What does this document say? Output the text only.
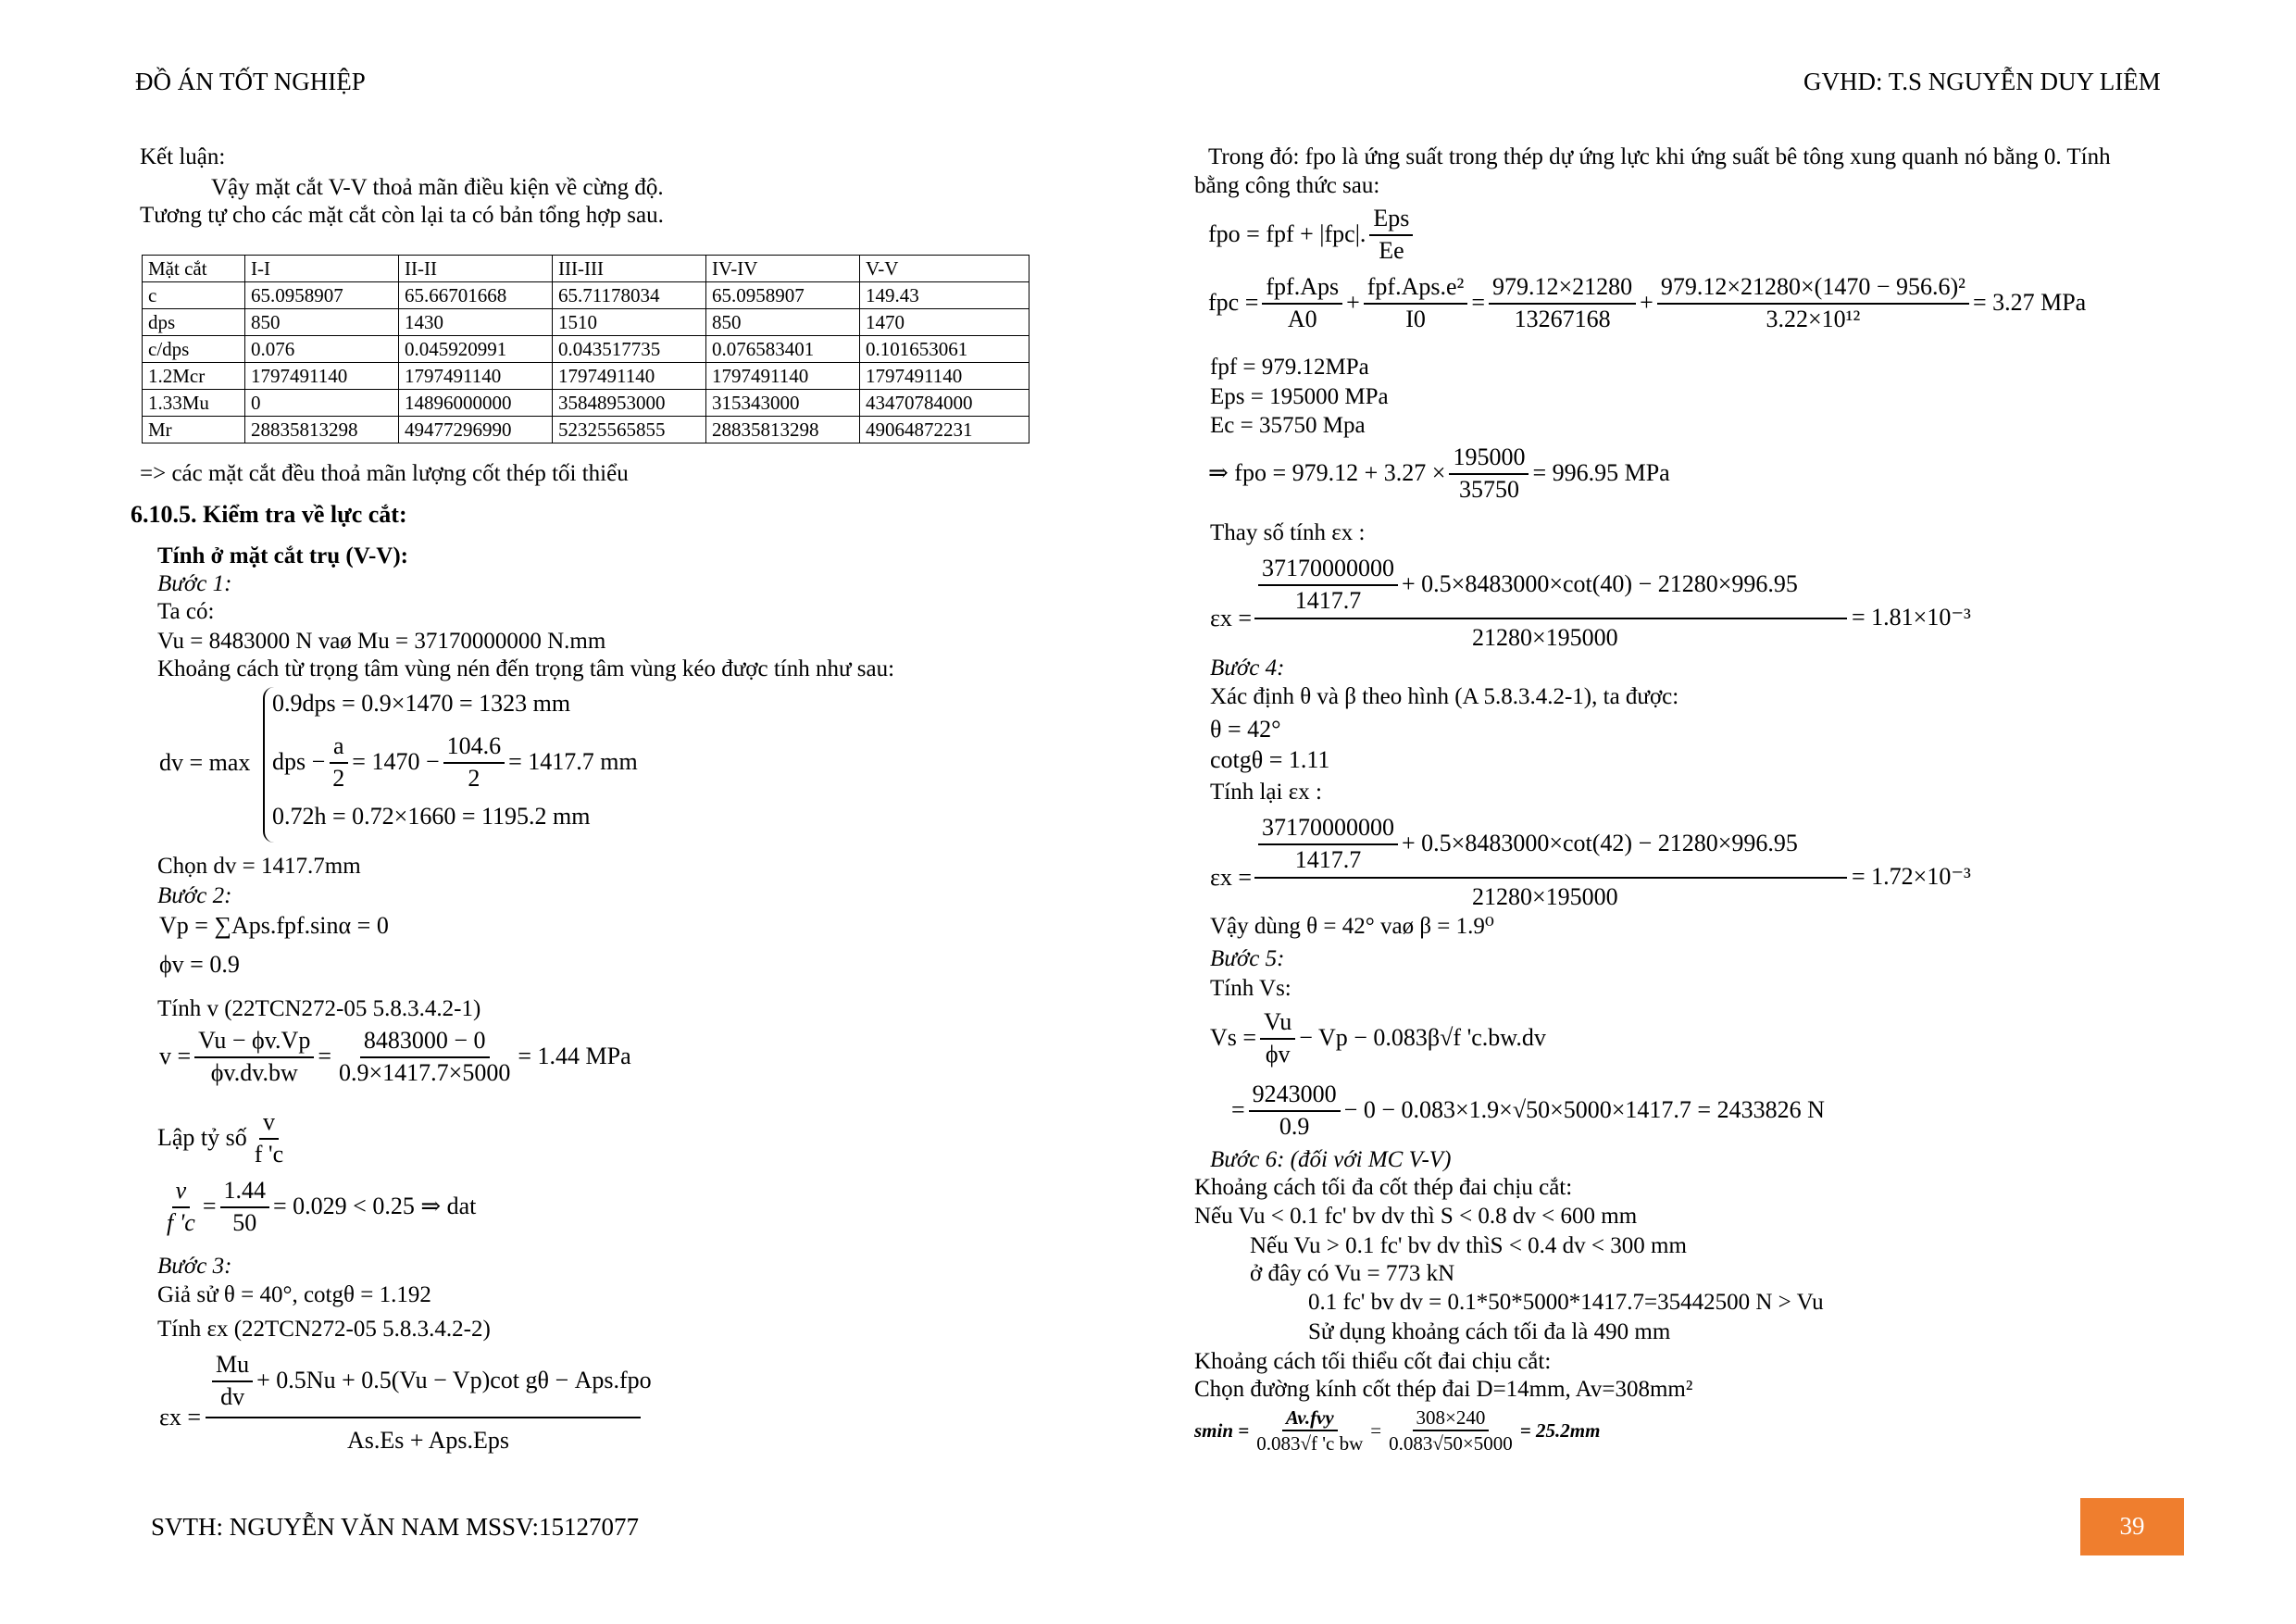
ĐỒ ÁN TỐT NGHIỆP	GVHD: T.S NGUYỄN DUY LIÊM
Kết luận:
Vậy mặt cắt V-V thoả mãn điều kiện về cừng độ.
Tương tự cho các mặt cắt còn lại ta có bản tổng hợp sau.
Mặt cắt	I-I	II-II	III-III	IV-IV	V-V
c	65.0958907	65.66701668	65.71178034	65.0958907	149.43
dps	850	1430	1510	850	1470
c/dps	0.076	0.045920991	0.043517735	0.076583401	0.101653061
1.2Mcr	1797491140	1797491140	1797491140	1797491140	1797491140
1.33Mu	0	14896000000	35848953000	315343000	43470784000
Mr	28835813298	49477296990	52325565855	28835813298	49064872231
=> các mặt cắt đều thoả mãn lượng cốt thép tối thiểu
6.10.5. Kiểm tra về lực cắt:
Tính ở mặt cắt trụ (V-V):
Bước 1:
Ta có:
Vu = 8483000 N vaø Mu = 37170000000 N.mm
Khoảng cách từ trọng tâm vùng nén đến trọng tâm vùng kéo được tính như sau:
dv = max
0.9dps = 0.9×1470 = 1323 mm
dps − $\frac{a}{2} = 1470 - \frac{104.6}{2} = 1417.7$ mm
0.72h = 0.72×1660 = 1195.2 mm
Chọn dv = 1417.7mm
Bước 2:
Vp = ∑Aps.fpf.sinα = 0
ϕv = 0.9
Tính v (22TCN272-05 5.8.3.4.2-1)
$v = \frac{Vu - \phi v.Vp}{\phi v.dv.bw} = \frac{8483000 - 0}{0.9\times 1417.7\times 5000} = 1.44$ MPa
Lập tỷ số $\frac{v}{f 'c}$
$\frac{v}{f 'c} = \frac{1.44}{50} = 0.029 < 0.25$ ⇒ dat
Bước 3:
Giả sử θ = 40°, cotgθ = 1.192
Tính εx (22TCN272-05 5.8.3.4.2-2)
εx =
$\frac{Mu}{dv} + 0.5Nu + 0.5(Vu - Vp)\cot$ gθ − Aps.fpo
As.Es + Aps.Eps
Trong đó: fpo là ứng suất trong thép dự ứng lực khi ứng suất bê tông xung quanh nó bằng 0. Tính
bằng công thức sau:
fpo = fpf + |fpc|. $\frac{\text{Eps}}{Ee}$
fpc = $\frac{\text{fpf.Aps}}{A0} + \frac{\text{fpf.Aps.e²}}{I0} = \frac{979.12\times 21280}{13267168} + \frac{\text{979.12×21280×(1470 − 956.6)²}}{\text{3.22×10¹²}} = 3.27$ MPa
fpf = 979.12MPa
Eps = 195000 MPa
Ec = 35750 Mpa
⇒ fpo = $979.12 + 3.27 \times \frac{195000}{35750} = 996.95$ MPa
Thay số tính εx :
εx =
$\frac{37170000000}{1417.7} + 0.5\times 8483000\times\cot(40) - 21280\times 996.95$
21280×195000
= 1.81×10⁻³
Bước 4:
Xác định θ và β theo hình (A 5.8.3.4.2-1), ta được:
θ = 42°
cotgθ = 1.11
Tính lại εx :
εx =
$\frac{37170000000}{1417.7} + 0.5\times 8483000\times\cot(42) - 21280\times 996.95$
21280×195000
= 1.72×10⁻³
Vậy dùng θ = 42° vaø β = 1.9⁰
Bước 5:
Tính Vs:
$Vs = \frac{Vu}{\phi v} - Vp - 0.083\beta√f$ 'c.bw.dv
= $\frac{9243000}{0.9} - 0 - 0.083\times 1.9\times√50\times 5000\times 1417.7 = 2433826$ N
Bước 6: (đối với MC V-V)
Khoảng cách tối đa cốt thép đai chịu cắt:
Nếu Vu < 0.1 fc' bv dv thì S < 0.8 dv < 600 mm
Nếu Vu > 0.1 fc' bv dv thìS < 0.4 dv < 300 mm
ở đây có Vu = 773 kN
0.1 fc' bv dv = 0.1*50*5000*1417.7=35442500 N > Vu
Sử dụng khoảng cách tối đa là 490 mm
Khoảng cách tối thiểu cốt đai chịu cắt:
Chọn đường kính cốt thép đai D=14mm, Av=308mm²
$smin = \frac{\text{Av.fvy}}{\text{0.083√f 'c bw}} = \frac{308\times 240}{0.083√50\times 5000} = 25.2mm$
SVTH: NGUYỄN VĂN NAM MSSV:15127077	39
